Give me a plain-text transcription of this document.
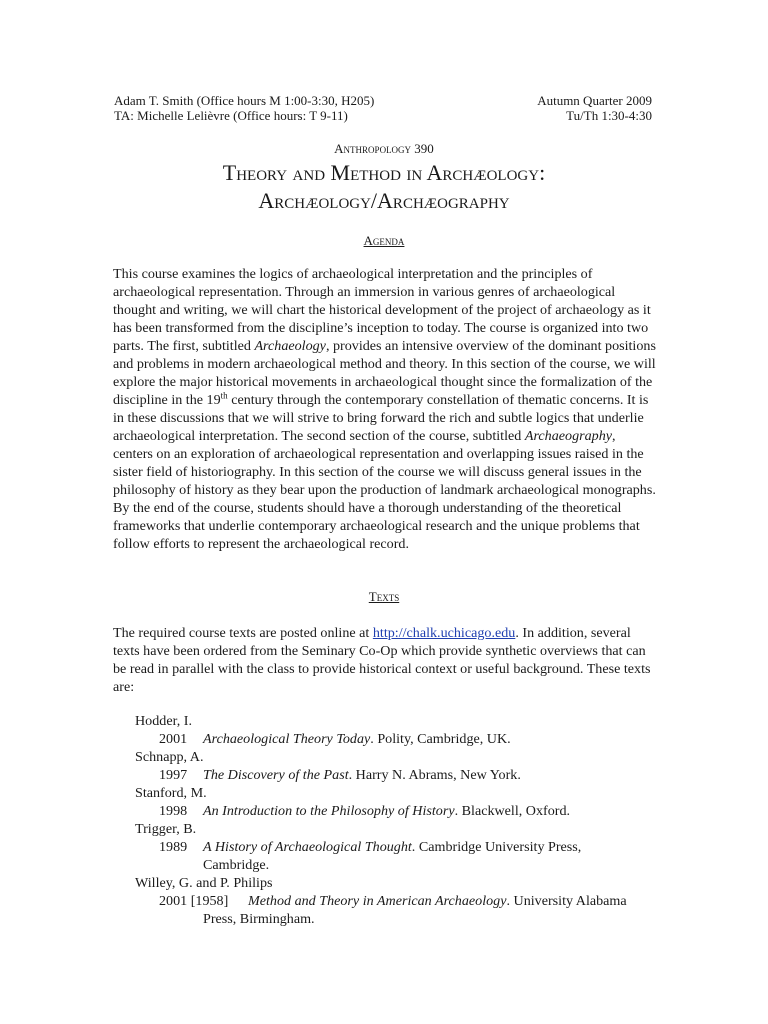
Adam T. Smith (Office hours M 1:00-3:30, H205)
TA: Michelle Lelièvre (Office hours: T 9-11)
Autumn Quarter 2009
Tu/Th 1:30-4:30
Anthropology 390
Theory and Method in Archæology:
Archæology/Archæography
Agenda

This course examines the logics of archaeological interpretation and the principles of archaeological representation. Through an immersion in various genres of archaeological thought and writing, we will chart the historical development of the project of archaeology as it has been transformed from the discipline’s inception to today. The course is organized into two parts. The first, subtitled Archaeology, provides an intensive overview of the dominant positions and problems in modern archaeological method and theory. In this section of the course, we will explore the major historical movements in archaeological thought since the formalization of the discipline in the 19th century through the contemporary constellation of thematic concerns. It is in these discussions that we will strive to bring forward the rich and subtle logics that underlie archaeological interpretation. The second section of the course, subtitled Archaeography, centers on an exploration of archaeological representation and overlapping issues raised in the sister field of historiography. In this section of the course we will discuss general issues in the philosophy of history as they bear upon the production of landmark archaeological monographs. By the end of the course, students should have a thorough understanding of the theoretical frameworks that underlie contemporary archaeological research and the unique problems that follow efforts to represent the archaeological record.

Texts

The required course texts are posted online at http://chalk.uchicago.edu. In addition, several texts have been ordered from the Seminary Co-Op which provide synthetic overviews that can be read in parallel with the class to provide historical context or useful background. These texts are:

Hodder, I.
2001 Archaeological Theory Today. Polity, Cambridge, UK.
Schnapp, A.
1997 The Discovery of the Past. Harry N. Abrams, New York.
Stanford, M.
1998 An Introduction to the Philosophy of History. Blackwell, Oxford.
Trigger, B.
1989 A History of Archaeological Thought. Cambridge University Press,
Cambridge.
Willey, G. and P. Philips
2001 [1958] Method and Theory in American Archaeology. University Alabama
Press, Birmingham.
